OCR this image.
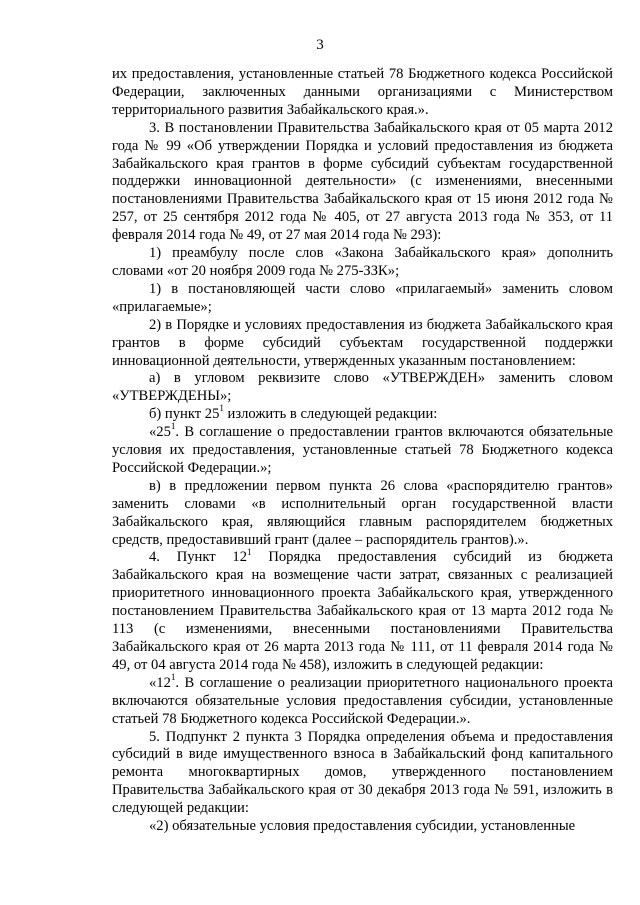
3

их предоставления, установленные статьей 78 Бюджетного кодекса Российской Федерации, заключенных данными организациями с Министерством территориального развития Забайкальского края.».

3. В постановлении Правительства Забайкальского края от 05 марта 2012 года № 99 «Об утверждении Порядка и условий предоставления из бюджета Забайкальского края грантов в форме субсидий субъектам государственной поддержки инновационной деятельности» (с изменениями, внесенными постановлениями Правительства Забайкальского края от 15 июня 2012 года № 257, от 25 сентября 2012 года № 405, от 27 августа 2013 года № 353, от 11 февраля 2014 года № 49, от 27 мая 2014 года № 293):

1) преамбулу после слов «Закона Забайкальского края» дополнить словами «от 20 ноября 2009 года № 275-ЗЗК»;

1) в постановляющей части слово «прилагаемый» заменить словом «прилагаемые»;

2) в Порядке и условиях предоставления из бюджета Забайкальского края грантов в форме субсидий субъектам государственной поддержки инновационной деятельности, утвержденных указанным постановлением:

а) в угловом реквизите слово «УТВЕРЖДЕН» заменить словом «УТВЕРЖДЕНЫ»;

б) пункт $25^1$ изложить в следующей редакции:

«$25^1$. В соглашение о предоставлении грантов включаются обязательные условия их предоставления, установленные статьей 78 Бюджетного кодекса Российской Федерации.»;

в) в предложении первом пункта 26 слова «распорядителю грантов» заменить словами «в исполнительный орган государственной власти Забайкальского края, являющийся главным распорядителем бюджетных средств, предоставивший грант (далее – распорядитель грантов).».

4. Пункт $12^1$ Порядка предоставления субсидий из бюджета Забайкальского края на возмещение части затрат, связанных с реализацией приоритетного инновационного проекта Забайкальского края, утвержденного постановлением Правительства Забайкальского края от 13 марта 2012 года № 113 (с изменениями, внесенными постановлениями Правительства Забайкальского края от 26 марта 2013 года № 111, от 11 февраля 2014 года № 49, от 04 августа 2014 года № 458), изложить в следующей редакции:

«$12^1$. В соглашение о реализации приоритетного национального проекта включаются обязательные условия предоставления субсидии, установленные статьей 78 Бюджетного кодекса Российской Федерации.».

5. Подпункт 2 пункта 3 Порядка определения объема и предоставления субсидий в виде имущественного взноса в Забайкальский фонд капитального ремонта многоквартирных домов, утвержденного постановлением Правительства Забайкальского края от 30 декабря 2013 года № 591, изложить в следующей редакции:

«2) обязательные условия предоставления субсидии, установленные
